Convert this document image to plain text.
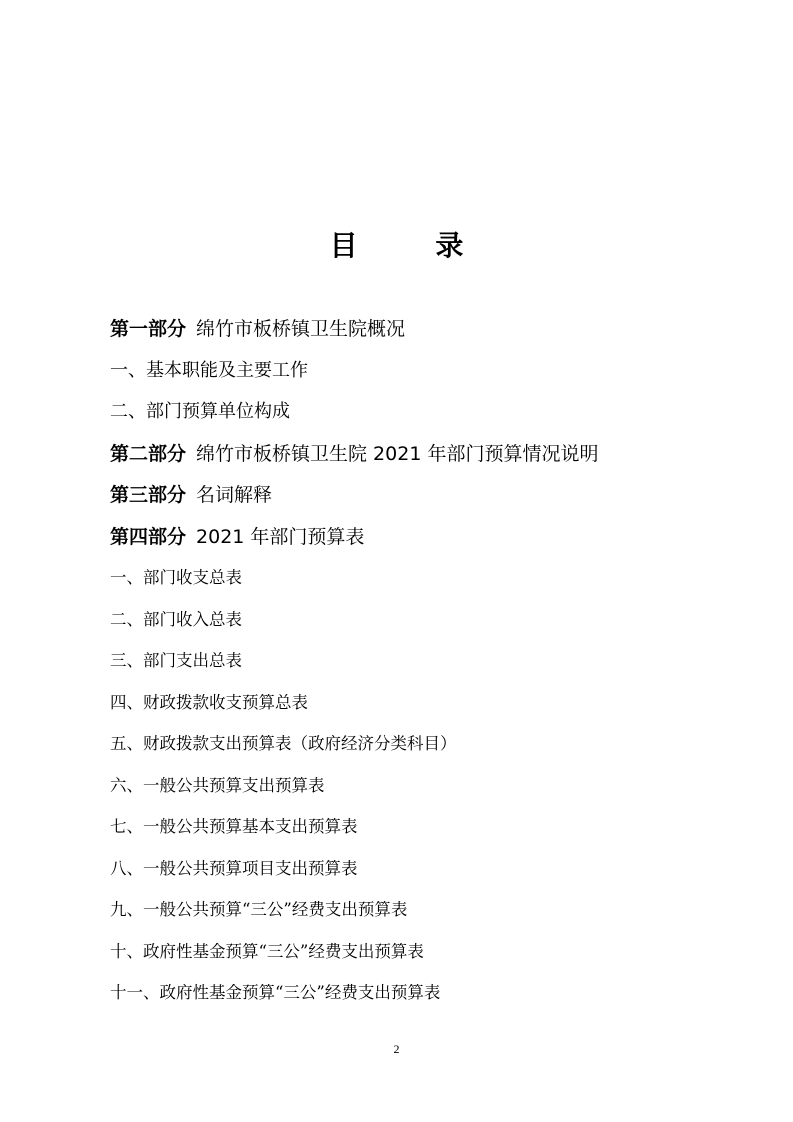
目 录
第一部分 绵竹市板桥镇卫生院概况
一、基本职能及主要工作
二、部门预算单位构成
第二部分 绵竹市板桥镇卫生院 2021 年部门预算情况说明
第三部分 名词解释
第四部分 2021 年部门预算表
一、部门收支总表
二、部门收入总表
三、部门支出总表
四、财政拨款收支预算总表
五、财政拨款支出预算表（政府经济分类科目）
六、一般公共预算支出预算表
七、一般公共预算基本支出预算表
八、一般公共预算项目支出预算表
九、一般公共预算“三公”经费支出预算表
十、政府性基金预算“三公”经费支出预算表
十一、政府性基金预算“三公”经费支出预算表
2
